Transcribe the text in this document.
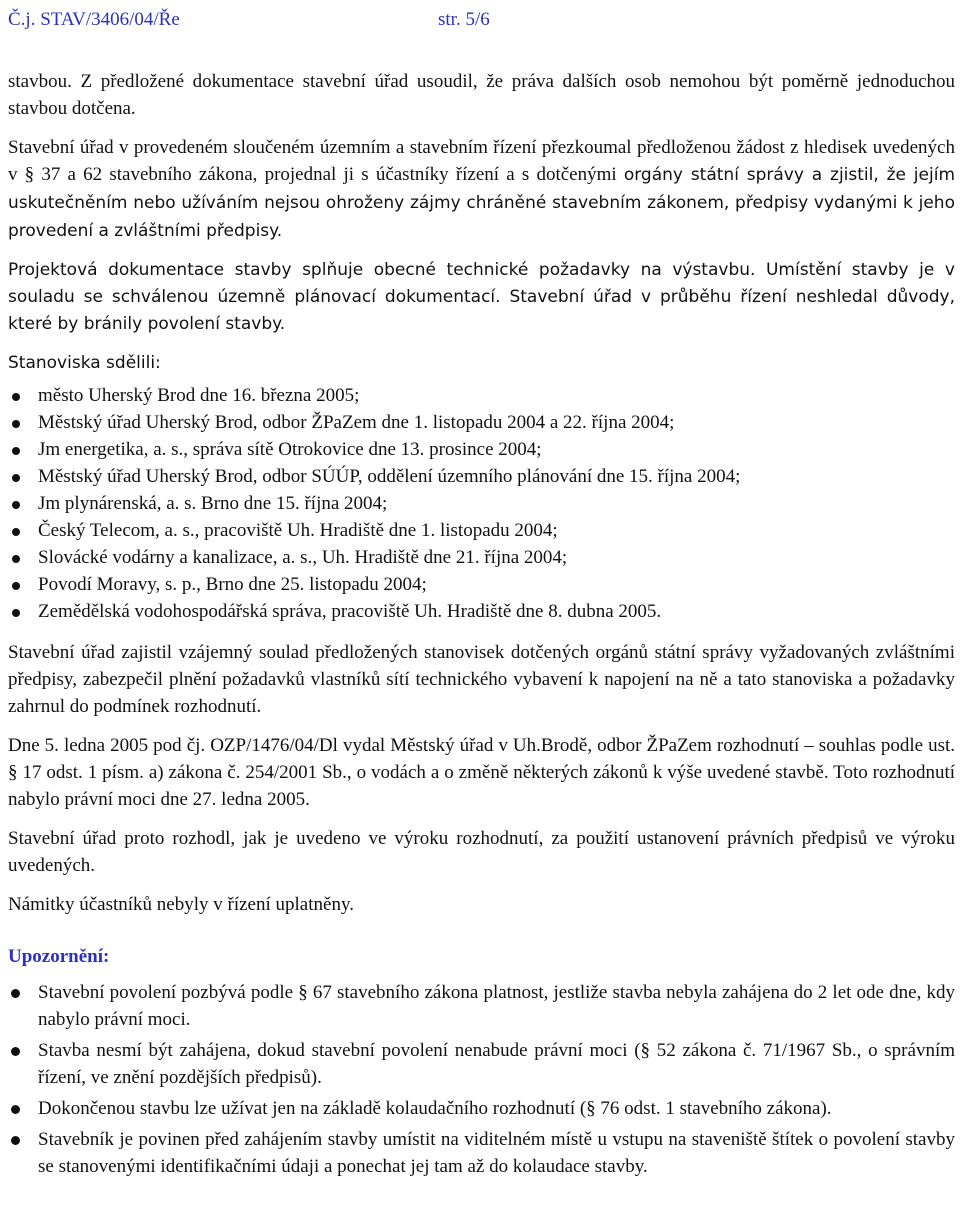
Č.j. STAV/3406/04/Ře	str. 5/6

stavbou. Z předložené dokumentace stavební úřad usoudil, že práva dalších osob nemohou být poměrně jednoduchou stavbou dotčena.

Stavební úřad v provedeném sloučeném územním a stavebním řízení přezkoumal předloženou žádost z hledisek uvedených v § 37 a 62 stavebního zákona, projednal ji s účastníky řízení a s dotčenými orgány státní správy a zjistil, že jejím uskutečněním nebo užíváním nejsou ohroženy zájmy chráněné stavebním zákonem, předpisy vydanými k jeho provedení a zvláštními předpisy.

Projektová dokumentace stavby splňuje obecné technické požadavky na výstavbu. Umístění stavby je v souladu se schválenou územně plánovací dokumentací. Stavební úřad v průběhu řízení neshledal důvody, které by bránily povolení stavby.

Stanoviska sdělili:

město Uherský Brod dne 16. března 2005;
Městský úřad Uherský Brod, odbor ŽPaZem dne 1. listopadu 2004 a 22. října 2004;
Jm energetika, a. s., správa sítě Otrokovice dne 13. prosince 2004;
Městský úřad Uherský Brod, odbor SÚÚP, oddělení územního plánování dne 15. října 2004;
Jm plynárenská, a. s. Brno dne 15. října 2004;
Český Telecom, a. s., pracoviště Uh. Hradiště dne 1. listopadu 2004;
Slovácké vodárny a kanalizace, a. s., Uh. Hradiště dne 21. října 2004;
Povodí Moravy, s. p., Brno dne 25. listopadu 2004;
Zemědělská vodohospodářská správa, pracoviště Uh. Hradiště dne 8. dubna 2005.

Stavební úřad zajistil vzájemný soulad předložených stanovisek dotčených orgánů státní správy vyžadovaných zvláštními předpisy, zabezpečil plnění požadavků vlastníků sítí technického vybavení k napojení na ně a tato stanoviska a požadavky zahrnul do podmínek rozhodnutí.

Dne 5. ledna 2005 pod čj. OZP/1476/04/Dl vydal Městský úřad v Uh.Brodě, odbor ŽPaZem rozhodnutí – souhlas podle ust. § 17 odst. 1 písm. a) zákona č. 254/2001 Sb., o vodách a o změně některých zákonů k výše uvedené stavbě. Toto rozhodnutí nabylo právní moci dne 27. ledna 2005.

Stavební úřad proto rozhodl, jak je uvedeno ve výroku rozhodnutí, za použití ustanovení právních předpisů ve výroku uvedených.

Námitky účastníků nebyly v řízení uplatněny.

Upozornění:
Stavební povolení pozbývá podle § 67 stavebního zákona platnost, jestliže stavba nebyla zahájena do 2 let ode dne, kdy nabylo právní moci.
Stavba nesmí být zahájena, dokud stavební povolení nenabude právní moci (§ 52 zákona č. 71/1967 Sb., o správním řízení, ve znění pozdějších předpisů).
Dokončenou stavbu lze užívat jen na základě kolaudačního rozhodnutí (§ 76 odst. 1 stavebního zákona).
Stavebník je povinen před zahájením stavby umístit na viditelném místě u vstupu na staveniště štítek o povolení stavby se stanovenými identifikačními údaji a ponechat jej tam až do kolaudace stavby.
